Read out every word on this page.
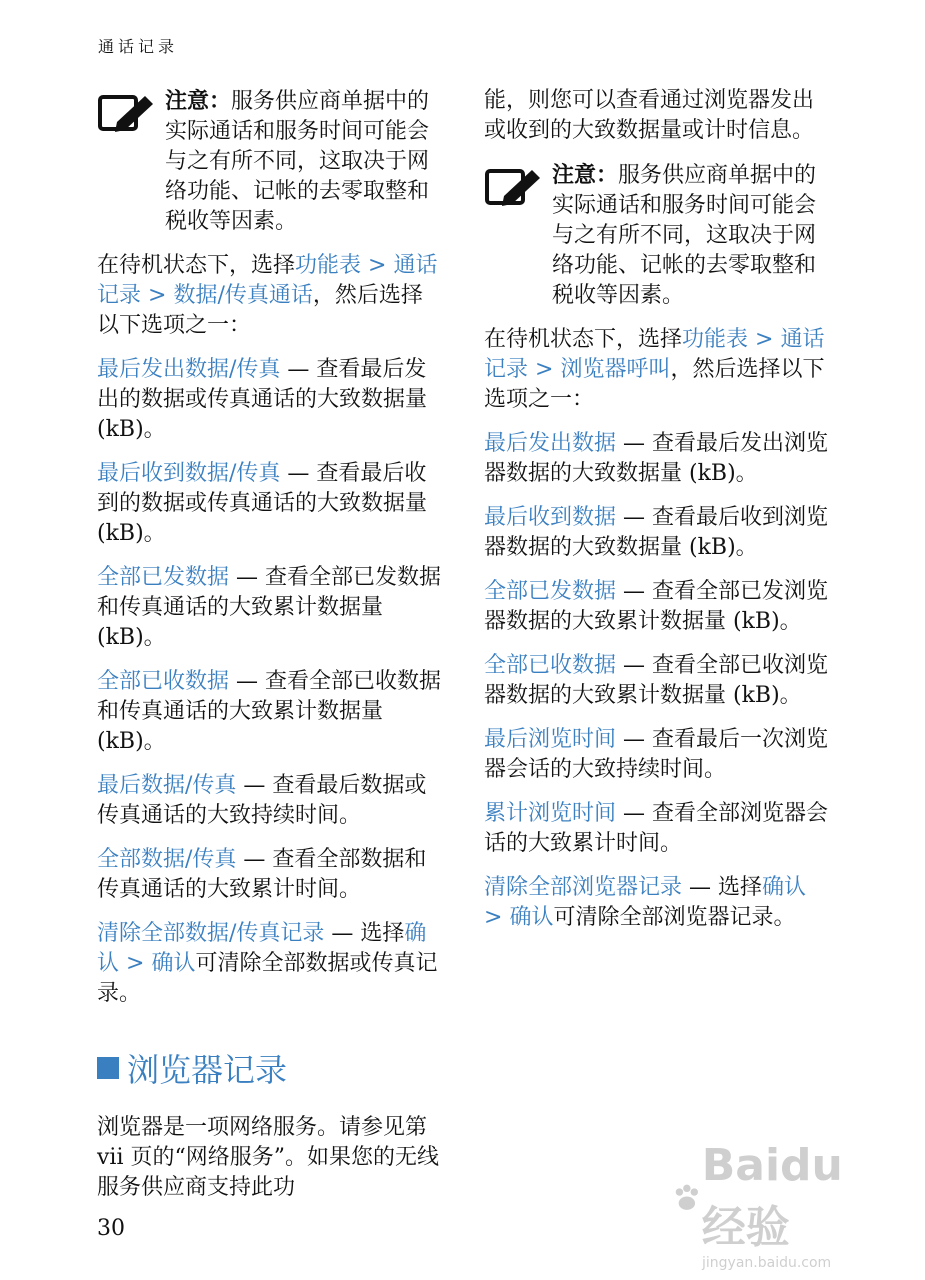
通话记录

注意：服务供应商单据中的实际通话和服务时间可能会与之有所不同，这取决于网络功能、记帐的去零取整和税收等因素。

在待机状态下，选择功能表 > 通话记录 > 数据/传真通话，然后选择以下选项之一：

最后发出数据/传真 — 查看最后发出的数据或传真通话的大致数据量 (kB)。

最后收到数据/传真 — 查看最后收到的数据或传真通话的大致数据量 (kB)。

全部已发数据 — 查看全部已发数据和传真通话的大致累计数据量 (kB)。

全部已收数据 — 查看全部已收数据和传真通话的大致累计数据量 (kB)。

最后数据/传真 — 查看最后数据或传真通话的大致持续时间。

全部数据/传真 — 查看全部数据和传真通话的大致累计时间。

清除全部数据/传真记录 — 选择确认 > 确认可清除全部数据或传真记录。

浏览器记录

浏览器是一项网络服务。请参见第 vii 页的“网络服务”。如果您的无线服务供应商支持此功

能，则您可以查看通过浏览器发出或收到的大致数据量或计时信息。

注意：服务供应商单据中的实际通话和服务时间可能会与之有所不同，这取决于网络功能、记帐的去零取整和税收等因素。

在待机状态下，选择功能表 > 通话记录 > 浏览器呼叫，然后选择以下选项之一：

最后发出数据 — 查看最后发出浏览器数据的大致数据量 (kB)。

最后收到数据 — 查看最后收到浏览器数据的大致数据量 (kB)。

全部已发数据 — 查看全部已发浏览器数据的大致累计数据量 (kB)。

全部已收数据 — 查看全部已收浏览器数据的大致累计数据量 (kB)。

最后浏览时间 — 查看最后一次浏览器会话的大致持续时间。

累计浏览时间 — 查看全部浏览器会话的大致累计时间。

清除全部浏览器记录 — 选择确认 > 确认可清除全部浏览器记录。

30
Baidu经验
jingyan.baidu.com
